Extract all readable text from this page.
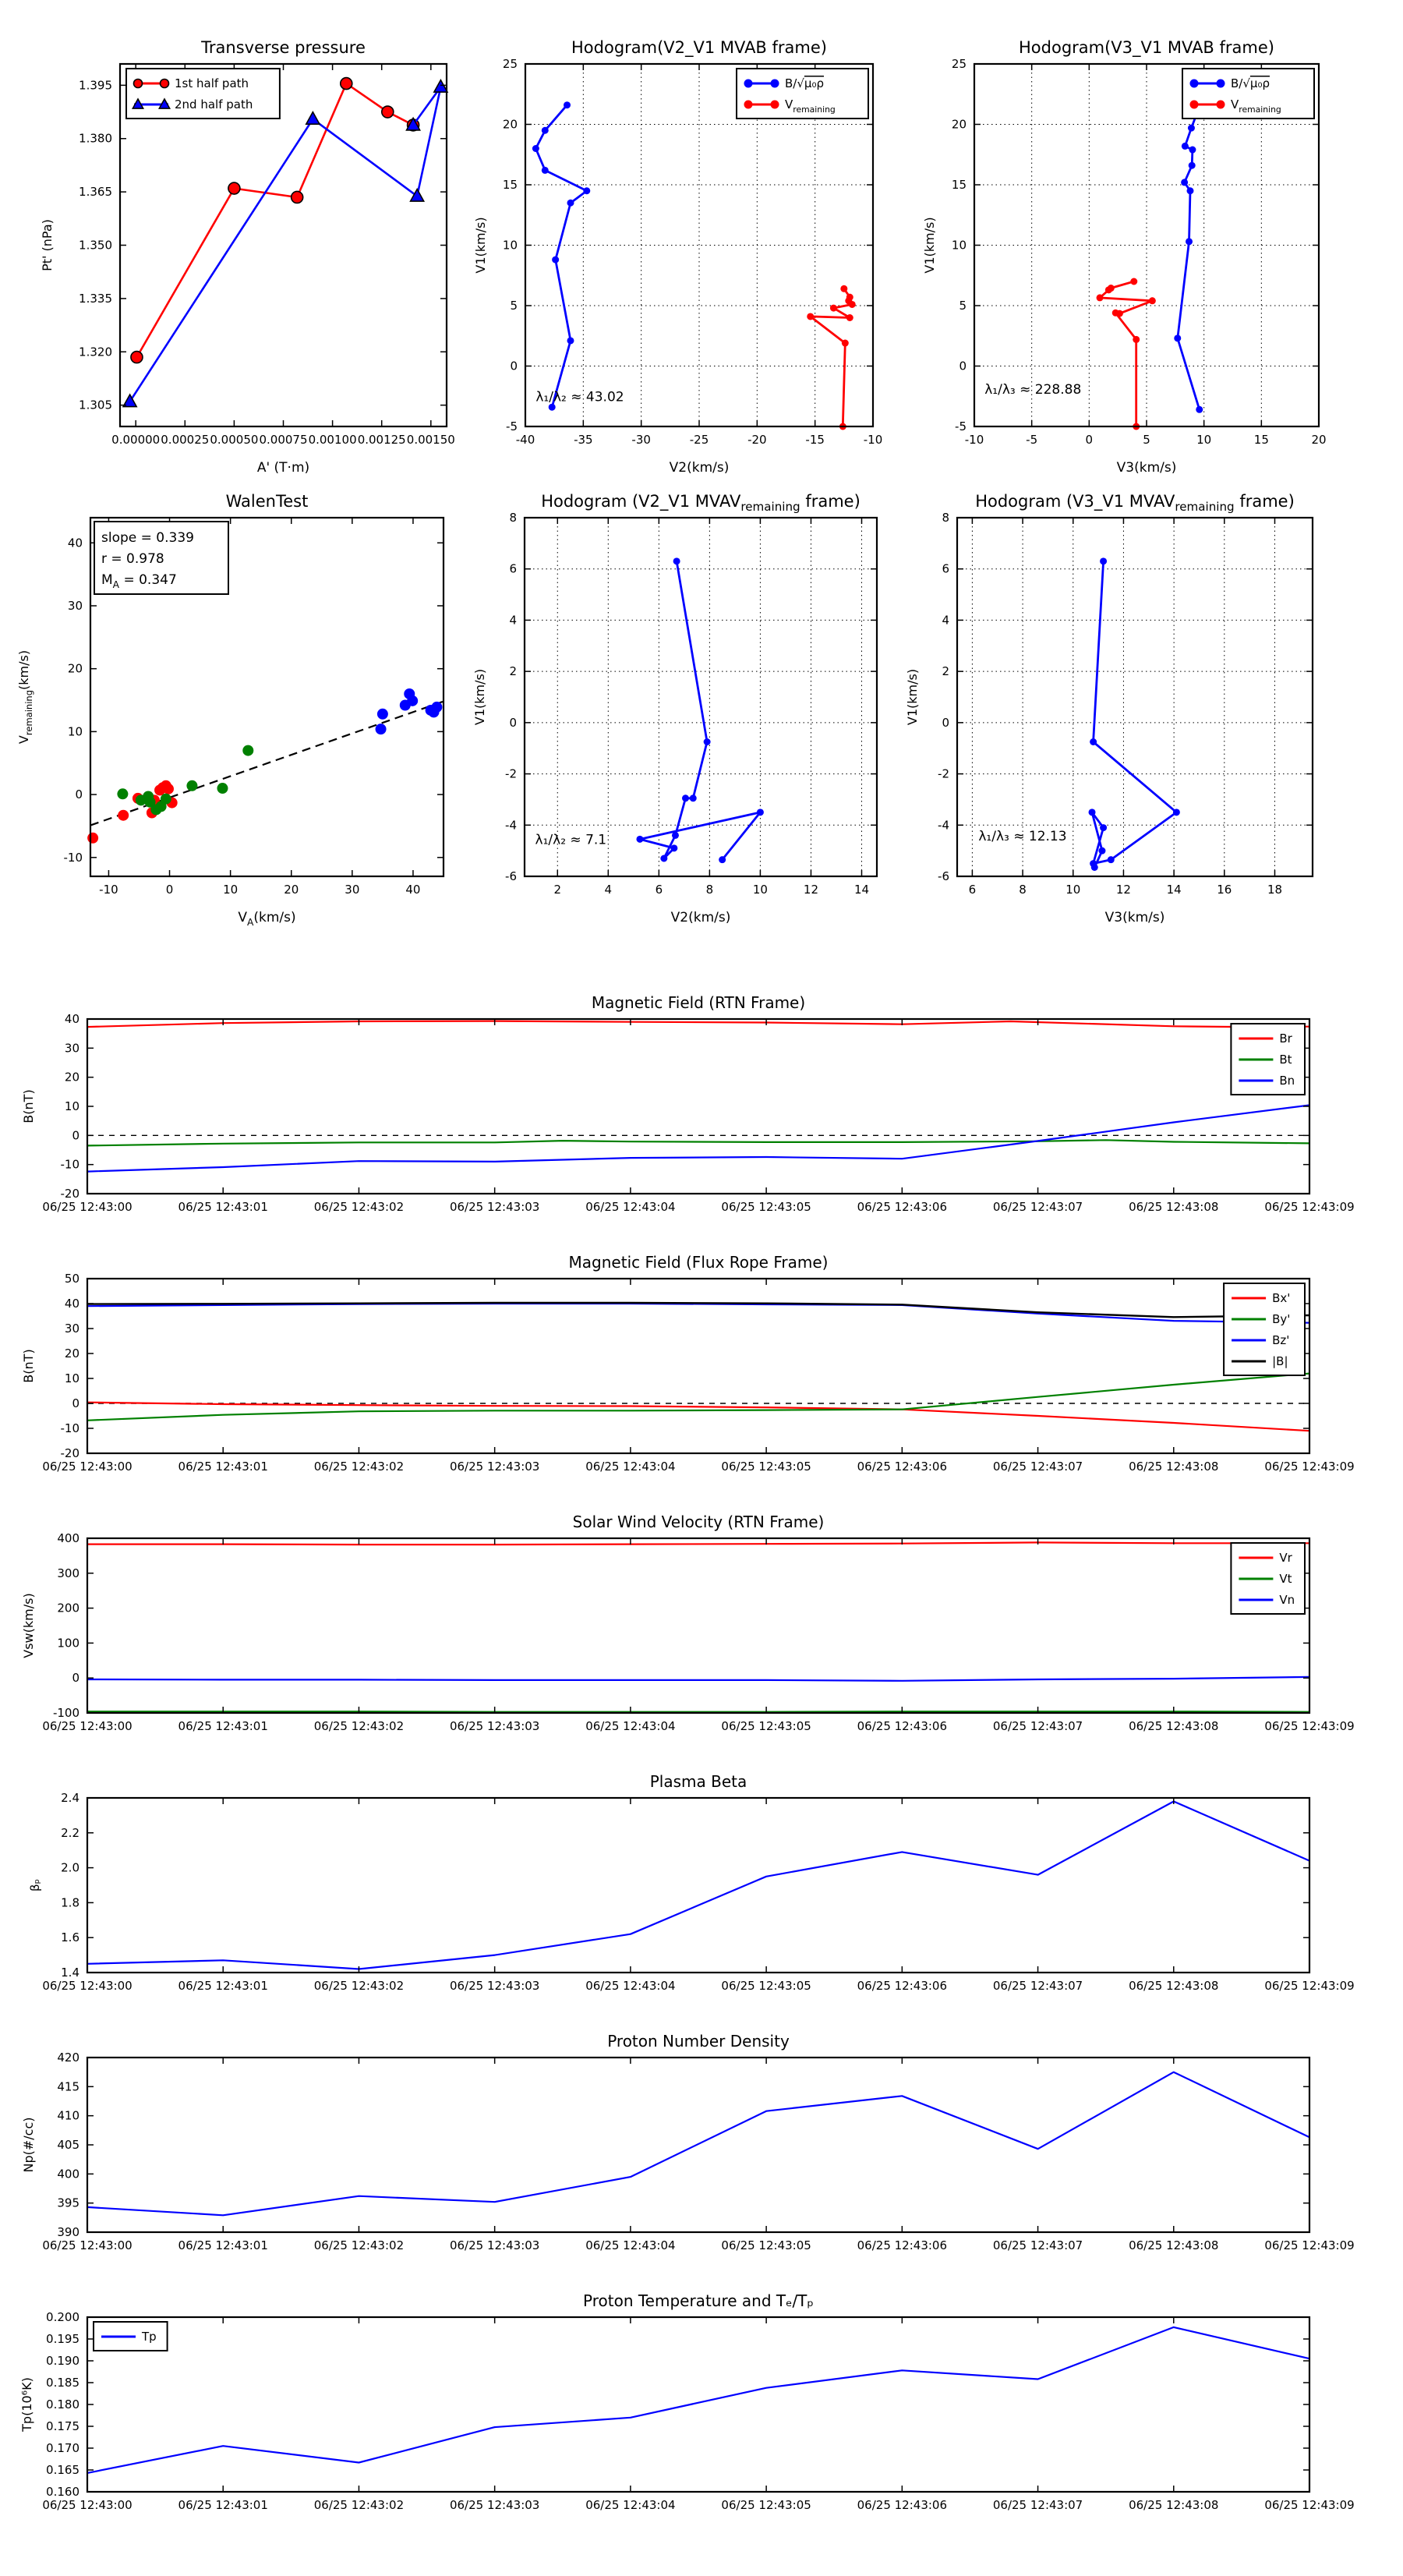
0.00000 0.00025 0.00050 0.00075 0.00100 0.00125 0.00150
1.305
1.320
1.335
1.350
1.365
1.380
1.395
Transverse pressure
A' (T·m)
Pt' (nPa)
1st half path
2nd half path
-40	-35	-30	-25	-20	-15	-10
-5
0
5
10
15
20
25
Hodogram(V2_V1 MVAB frame)
V2(km/s)
V1(km/s)
B/√μ₀ρ
$V_{remaining}$
λ₁/λ₂ ≈ 43.02
-10	-5	0	5	10	15	20
-5
0
5
10
15
20
25
Hodogram(V3_V1 MVAB frame)
V3(km/s)
V1(km/s)
B/√μ₀ρ
$V_{remaining}$
λ₁/λ₃ ≈ 228.88
-10	0	10	20	30	40
-10
0
10
20
30
40
WalenTest
$V_A(km/s)$
$V_{remaining}(km/s)$
slope = 0.339
r = 0.978
$M_A = 0.347$
2	4	6	8	10	12	14
-6
-4
-2
0
2
4
6
8
Hodogram (V2_V1 $MVAV_{remaining}$ frame)
V2(km/s)
V1(km/s)
λ₁/λ₂ ≈ 7.1
6	8	10	12	14	16	18
-6
-4
-2
0
2
4
6
8
Hodogram (V3_V1 $MVAV_{remaining}$ frame)
V3(km/s)
V1(km/s)
λ₁/λ₃ ≈ 12.13
06/25 12:43:00	06/25 12:43:01	06/25 12:43:02	06/25 12:43:03	06/25 12:43:04	06/25 12:43:05	06/25 12:43:06	06/25 12:43:07	06/25 12:43:08	06/25 12:43:09
-20
-10
0
10
20
30
40
Magnetic Field (RTN Frame)
B(nT)
Br
Bt
Bn
06/25 12:43:00	06/25 12:43:01	06/25 12:43:02	06/25 12:43:03	06/25 12:43:04	06/25 12:43:05	06/25 12:43:06	06/25 12:43:07	06/25 12:43:08	06/25 12:43:09
-20
-10
0
10
20
30
40
50
Magnetic Field (Flux Rope Frame)
B(nT)
Bx'
By'
Bz'
|B|
06/25 12:43:00	06/25 12:43:01	06/25 12:43:02	06/25 12:43:03	06/25 12:43:04	06/25 12:43:05	06/25 12:43:06	06/25 12:43:07	06/25 12:43:08	06/25 12:43:09
-100
0
100
200
300
400
Solar Wind Velocity (RTN Frame)
Vsw(km/s)
Vr
Vt
Vn
06/25 12:43:00	06/25 12:43:01	06/25 12:43:02	06/25 12:43:03	06/25 12:43:04	06/25 12:43:05	06/25 12:43:06	06/25 12:43:07	06/25 12:43:08	06/25 12:43:09
1.4
1.6
1.8
2.0
2.2
2.4
Plasma Beta
βₚ
06/25 12:43:00	06/25 12:43:01	06/25 12:43:02	06/25 12:43:03	06/25 12:43:04	06/25 12:43:05	06/25 12:43:06	06/25 12:43:07	06/25 12:43:08	06/25 12:43:09
390
395
400
405
410
415
420
Proton Number Density
Np(#/cc)
06/25 12:43:00	06/25 12:43:01	06/25 12:43:02	06/25 12:43:03	06/25 12:43:04	06/25 12:43:05	06/25 12:43:06	06/25 12:43:07	06/25 12:43:08	06/25 12:43:09
0.160
0.165
0.170
0.175
0.180
0.185
0.190
0.195
0.200
Proton Temperature and Tₑ/Tₚ
Tp(10⁶K)
Tp
